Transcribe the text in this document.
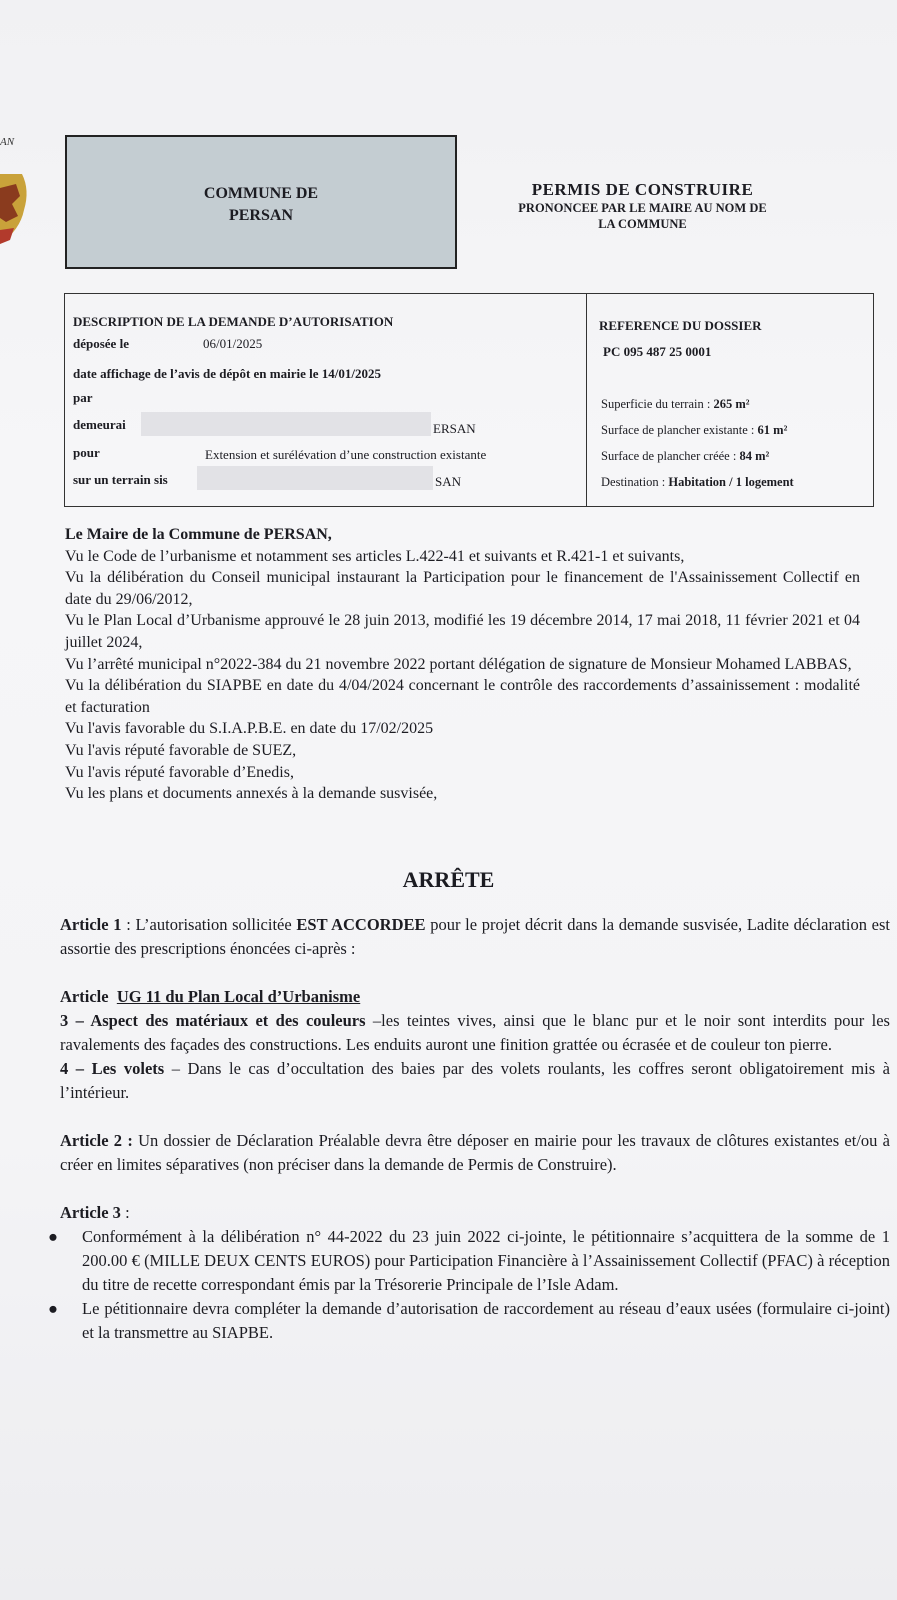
AN
COMMUNE DE
PERSAN
PERMIS DE CONSTRUIRE
PRONONCEE PAR LE MAIRE AU NOM DE
LA COMMUNE
DESCRIPTION DE LA DEMANDE D’AUTORISATION
déposée le	06/01/2025
date affichage de l’avis de dépôt en mairie le 14/01/2025
par
demeurai	ERSAN
pour	Extension et surélévation d’une construction existante
sur un terrain sis	SAN
REFERENCE DU DOSSIER
PC 095 487 25 0001
Superficie du terrain : 265 m²
Surface de plancher existante : 61 m²
Surface de plancher créée : 84 m²
Destination : Habitation / 1 logement

Le Maire de la Commune de PERSAN,

Vu le Code de l’urbanisme et notamment ses articles L.422-41 et suivants et R.421-1 et suivants,

Vu la délibération du Conseil municipal instaurant la Participation pour le financement de l'Assainissement Collectif en date du 29/06/2012,

Vu le Plan Local d’Urbanisme approuvé le 28 juin 2013, modifié les 19 décembre 2014, 17 mai 2018, 11 février 2021 et 04 juillet 2024,

Vu l’arrêté municipal n°2022-384 du 21 novembre 2022 portant délégation de signature de Monsieur Mohamed LABBAS,

Vu la délibération du SIAPBE en date du 4/04/2024 concernant le contrôle des raccordements d’assainissement : modalité et facturation

Vu l'avis favorable du S.I.A.P.B.E. en date du 17/02/2025

Vu l'avis réputé favorable de SUEZ,

Vu l'avis réputé favorable d’Enedis,

Vu les plans et documents annexés à la demande susvisée,

ARRÊTE

Article 1 : L’autorisation sollicitée EST ACCORDEE pour le projet décrit dans la demande susvisée, Ladite déclaration est assortie des prescriptions énoncées ci-après :

Article UG 11 du Plan Local d’Urbanisme

3 – Aspect des matériaux et des couleurs –les teintes vives, ainsi que le blanc pur et le noir sont interdits pour les ravalements des façades des constructions. Les enduits auront une finition grattée ou écrasée et de couleur ton pierre.

4 – Les volets – Dans le cas d’occultation des baies par des volets roulants, les coffres seront obligatoirement mis à l’intérieur.

Article 2 : Un dossier de Déclaration Préalable devra être déposer en mairie pour les travaux de clôtures existantes et/ou à créer en limites séparatives (non préciser dans la demande de Permis de Construire).

Article 3 :

● Conformément à la délibération n° 44-2022 du 23 juin 2022 ci-jointe, le pétitionnaire s’acquittera de la somme de 1 200.00 € (MILLE DEUX CENTS EUROS) pour Participation Financière à l’Assainissement Collectif (PFAC) à réception du titre de recette correspondant émis par la Trésorerie Principale de l’Isle Adam.

● Le pétitionnaire devra compléter la demande d’autorisation de raccordement au réseau d’eaux usées (formulaire ci-joint) et la transmettre au SIAPBE.
